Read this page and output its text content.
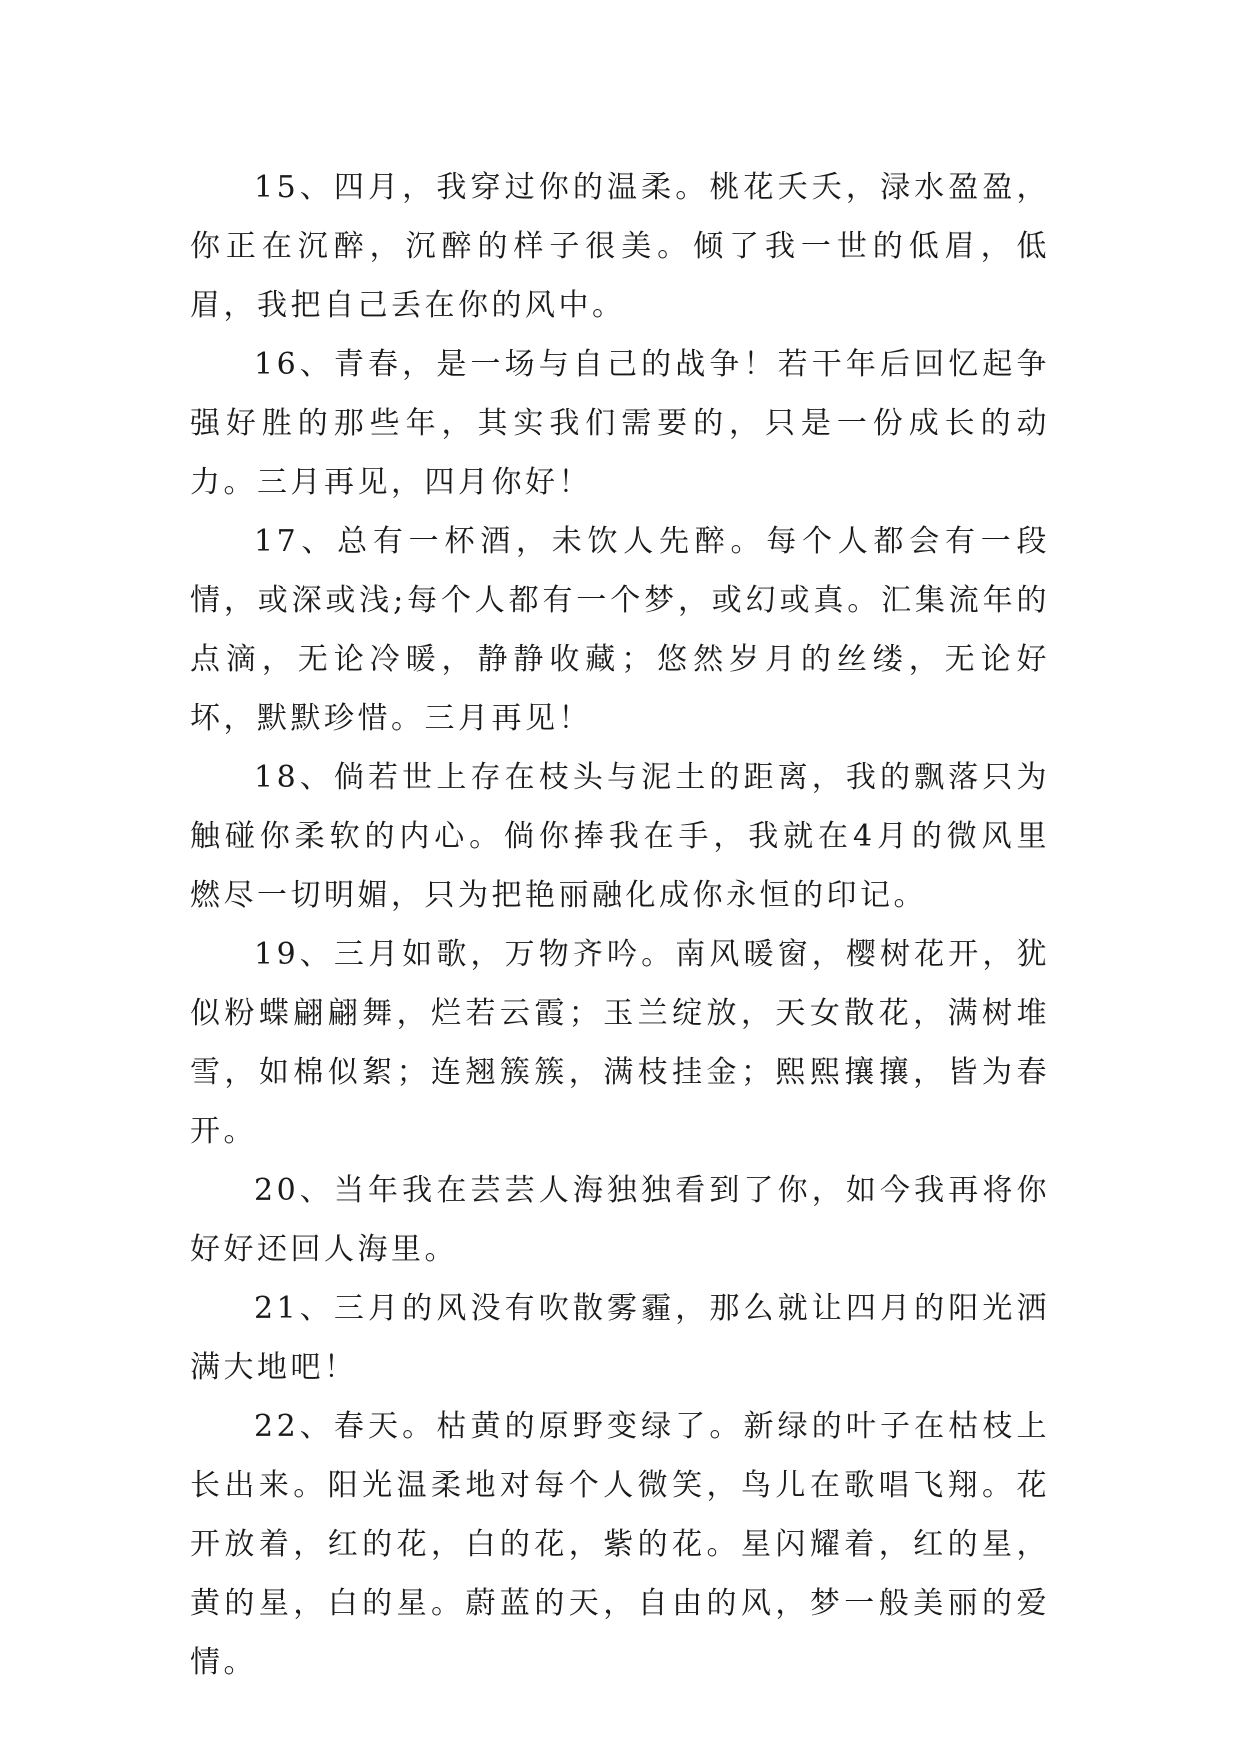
15、四月，我穿过你的温柔。桃花夭夭，渌水盈盈，你正在沉醉，沉醉的样子很美。倾了我一世的低眉，低眉，我把自己丢在你的风中。

16、青春，是一场与自己的战争！若干年后回忆起争强好胜的那些年，其实我们需要的，只是一份成长的动力。三月再见，四月你好！

17、总有一杯酒，未饮人先醉。每个人都会有一段情，或深或浅;每个人都有一个梦，或幻或真。汇集流年的点滴，无论冷暖，静静收藏；悠然岁月的丝缕，无论好坏，默默珍惜。三月再见！

18、倘若世上存在枝头与泥土的距离，我的飘落只为触碰你柔软的内心。倘你捧我在手，我就在4月的微风里燃尽一切明媚，只为把艳丽融化成你永恒的印记。

19、三月如歌，万物齐吟。南风暖窗，樱树花开，犹似粉蝶翩翩舞，烂若云霞；玉兰绽放，天女散花，满树堆雪，如棉似絮；连翘簇簇，满枝挂金；熙熙攘攘，皆为春开。

20、当年我在芸芸人海独独看到了你，如今我再将你好好还回人海里。

21、三月的风没有吹散雾霾，那么就让四月的阳光洒满大地吧！

22、春天。枯黄的原野变绿了。新绿的叶子在枯枝上长出来。阳光温柔地对每个人微笑，鸟儿在歌唱飞翔。花开放着，红的花，白的花，紫的花。星闪耀着，红的星，黄的星，白的星。蔚蓝的天，自由的风，梦一般美丽的爱情。
